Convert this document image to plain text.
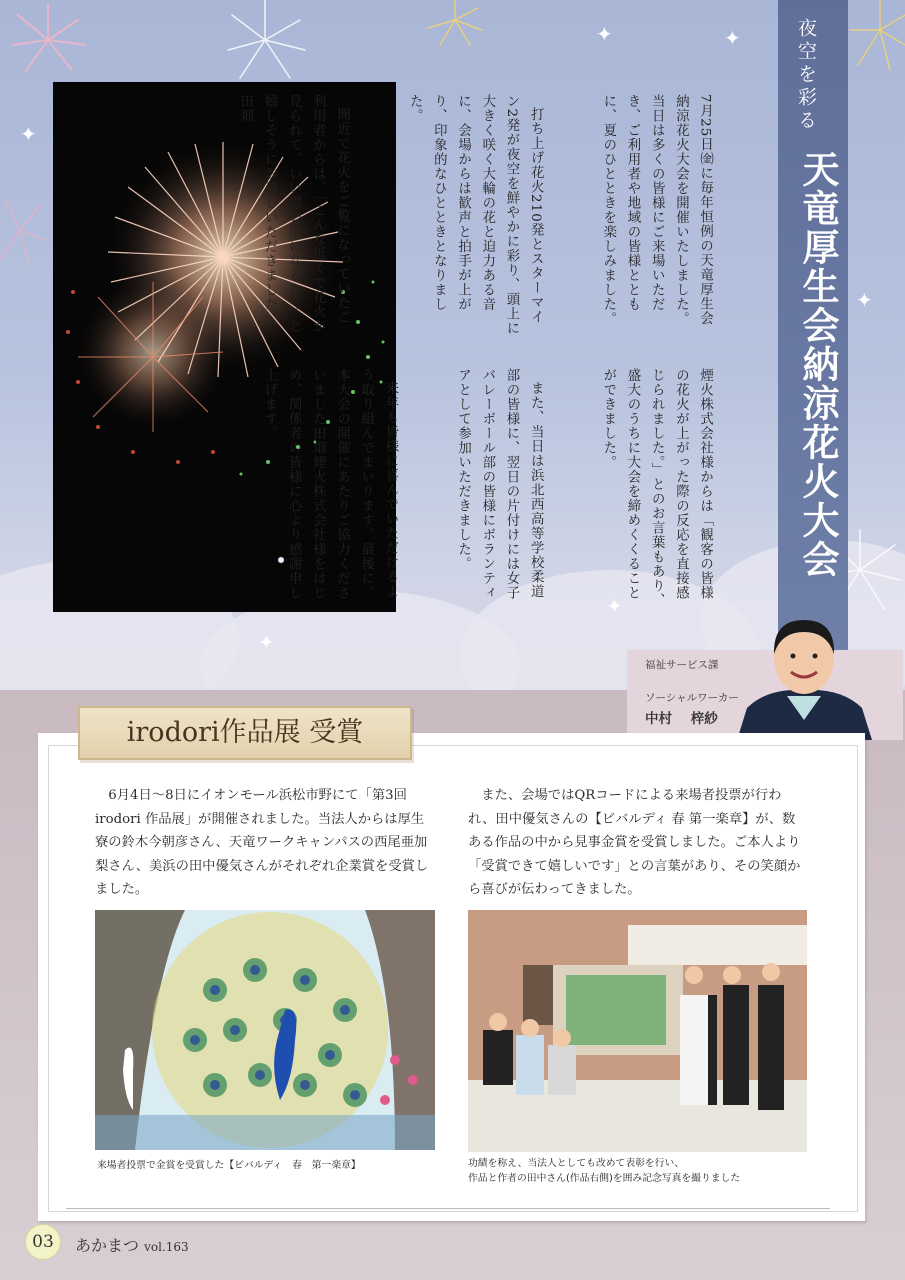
✦	✦
✦
✦
✦
✦

7月25日㈮に毎年恒例の天竜厚生会納涼花火大会を開催いたしました。当日は多くの皆様にご来場いただき、ご利用者や地域の皆様とともに、夏のひとときを楽しみました。

打ち上げ花火210発とスターマイン2発が夜空を鮮やかに彩り、頭上に大きく咲く大輪の花と迫力ある音に、会場からは歓声と拍手が上がり、印象的なひとときとなりました。

間近で花火をご覧になっていたご利用者からは、「こんな近くで花火が見られて、いい思い出になるね。」と嬉しそうにお話しいただきました。田畑

煙火株式会社様からは「観客の皆様の花火が上がった際の反応を直接感じられました。」とのお言葉もあり、盛大のうちに大会を締めくくることができました。

また、当日は浜北西高等学校柔道部の皆様に、翌日の片付けには女子バレーボール部の皆様にボランティアとして参加いただきました。

来年も皆様に喜んでいただけるよう取り組んでまいります。最後に、本大会の開催にあたりご協力くださいました田畑煙火株式会社様をはじめ、関係者の皆様に心より感謝申し上げます。

夜空を彩る
天竜厚生会納涼花火大会
福祉サービス課
ソーシャルワーカー
中村 梓紗
irodori作品展 受賞

6月4日～8日にイオンモール浜松市野にて「第3回irodori 作品展」が開催されました。当法人からは厚生寮の鈴木今朝彦さん、天竜ワークキャンパスの西尾亜加梨さん、美浜の田中優気さんがそれぞれ企業賞を受賞しました。

また、会場ではQRコードによる来場者投票が行われ、田中優気さんの【ビバルディ 春 第一楽章】が、数ある作品の中から見事金賞を受賞しました。ご本人より「受賞できて嬉しいです」との言葉があり、その笑顔から喜びが伝わってきました。

来場者投票で金賞を受賞した【ビバルディ　春　第一楽章】	功績を称え、当法人としても改めて表彰を行い、
作品と作者の田中さん(作品右側)を囲み記念写真を撮りました
03	あかまつ vol.163
